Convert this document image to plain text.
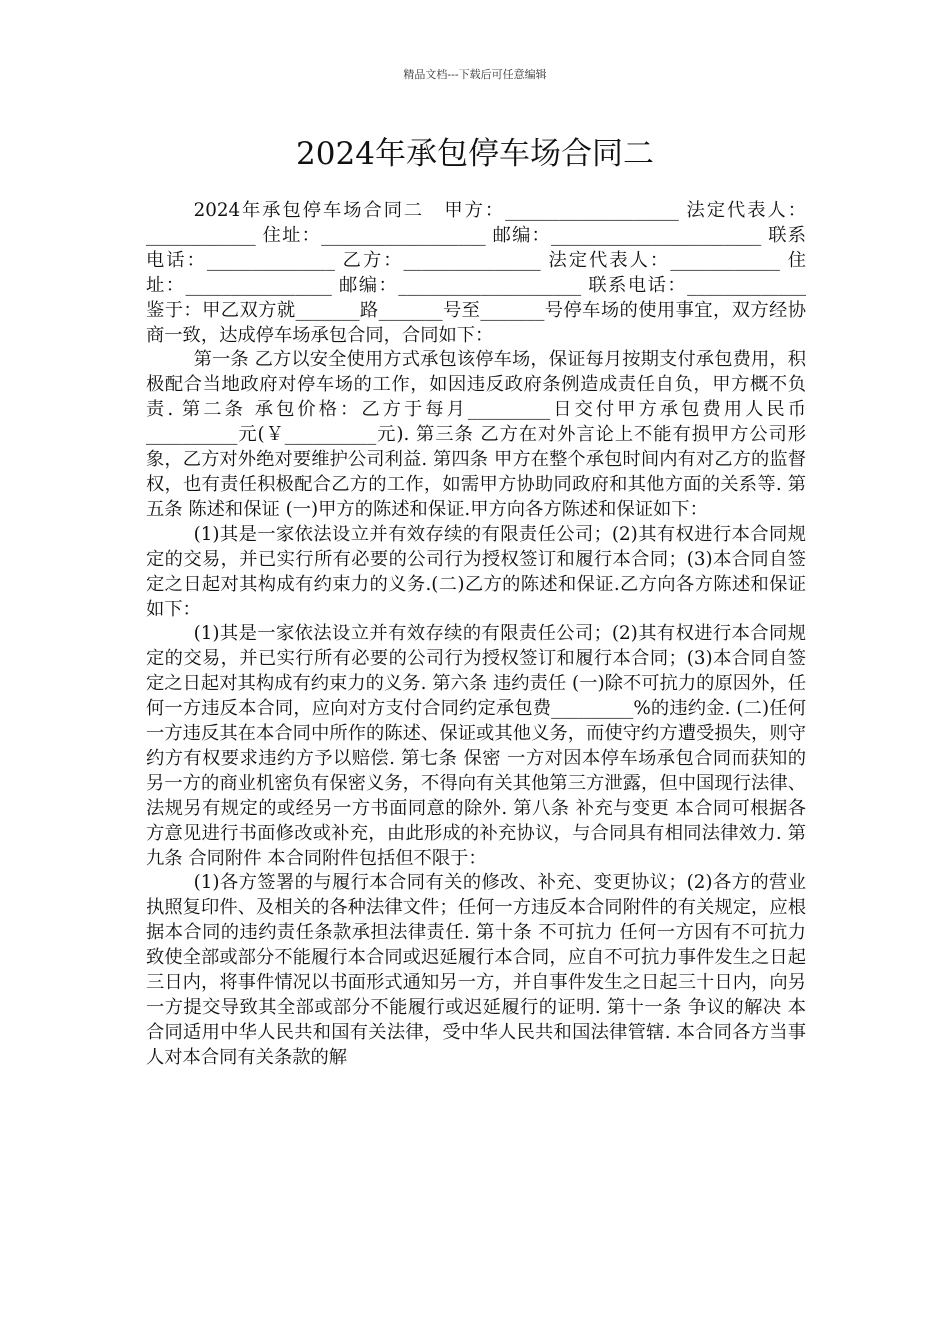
精品文档---下载后可任意编辑
2024年承包停车场合同二

2024年承包停车场合同二　甲方：___________________ 法定代表人：____________ 住址：__________________ 邮编：_______________________ 联系电话：______________ 乙方：_______________ 法定代表人：____________ 住址：________________ 邮编：____________________ 联系电话：_____________ 鉴于：甲乙双方就_______路_______号至_______号停车场的使用事宜，双方经协商一致，达成停车场承包合同，合同如下：

第一条 乙方以安全使用方式承包该停车场，保证每月按期支付承包费用，积极配合当地政府对停车场的工作，如因违反政府条例造成责任自负，甲方概不负责. 第二条 承包价格：乙方于每月_________日交付甲方承包费用人民币__________元(￥__________元). 第三条 乙方在对外言论上不能有损甲方公司形象，乙方对外绝对要维护公司利益. 第四条 甲方在整个承包时间内有对乙方的监督权，也有责任积极配合乙方的工作，如需甲方协助同政府和其他方面的关系等. 第五条 陈述和保证 (一)甲方的陈述和保证.甲方向各方陈述和保证如下：

(1)其是一家依法设立并有效存续的有限责任公司；(2)其有权进行本合同规定的交易，并已实行所有必要的公司行为授权签订和履行本合同；(3)本合同自签定之日起对其构成有约束力的义务.(二)乙方的陈述和保证.乙方向各方陈述和保证如下：

(1)其是一家依法设立并有效存续的有限责任公司；(2)其有权进行本合同规定的交易，并已实行所有必要的公司行为授权签订和履行本合同；(3)本合同自签定之日起对其构成有约束力的义务. 第六条 违约责任 (一)除不可抗力的原因外，任何一方违反本合同，应向对方支付合同约定承包费_________%的违约金. (二)任何一方违反其在本合同中所作的陈述、保证或其他义务，而使守约方遭受损失，则守约方有权要求违约方予以赔偿. 第七条 保密 一方对因本停车场承包合同而获知的另一方的商业机密负有保密义务，不得向有关其他第三方泄露，但中国现行法律、法规另有规定的或经另一方书面同意的除外. 第八条 补充与变更 本合同可根据各方意见进行书面修改或补充，由此形成的补充协议，与合同具有相同法律效力. 第九条 合同附件 本合同附件包括但不限于：

(1)各方签署的与履行本合同有关的修改、补充、变更协议；(2)各方的营业执照复印件、及相关的各种法律文件；任何一方违反本合同附件的有关规定，应根据本合同的违约责任条款承担法律责任. 第十条 不可抗力 任何一方因有不可抗力致使全部或部分不能履行本合同或迟延履行本合同，应自不可抗力事件发生之日起三日内，将事件情况以书面形式通知另一方，并自事件发生之日起三十日内，向另一方提交导致其全部或部分不能履行或迟延履行的证明. 第十一条 争议的解决 本合同适用中华人民共和国有关法律，受中华人民共和国法律管辖. 本合同各方当事人对本合同有关条款的解
